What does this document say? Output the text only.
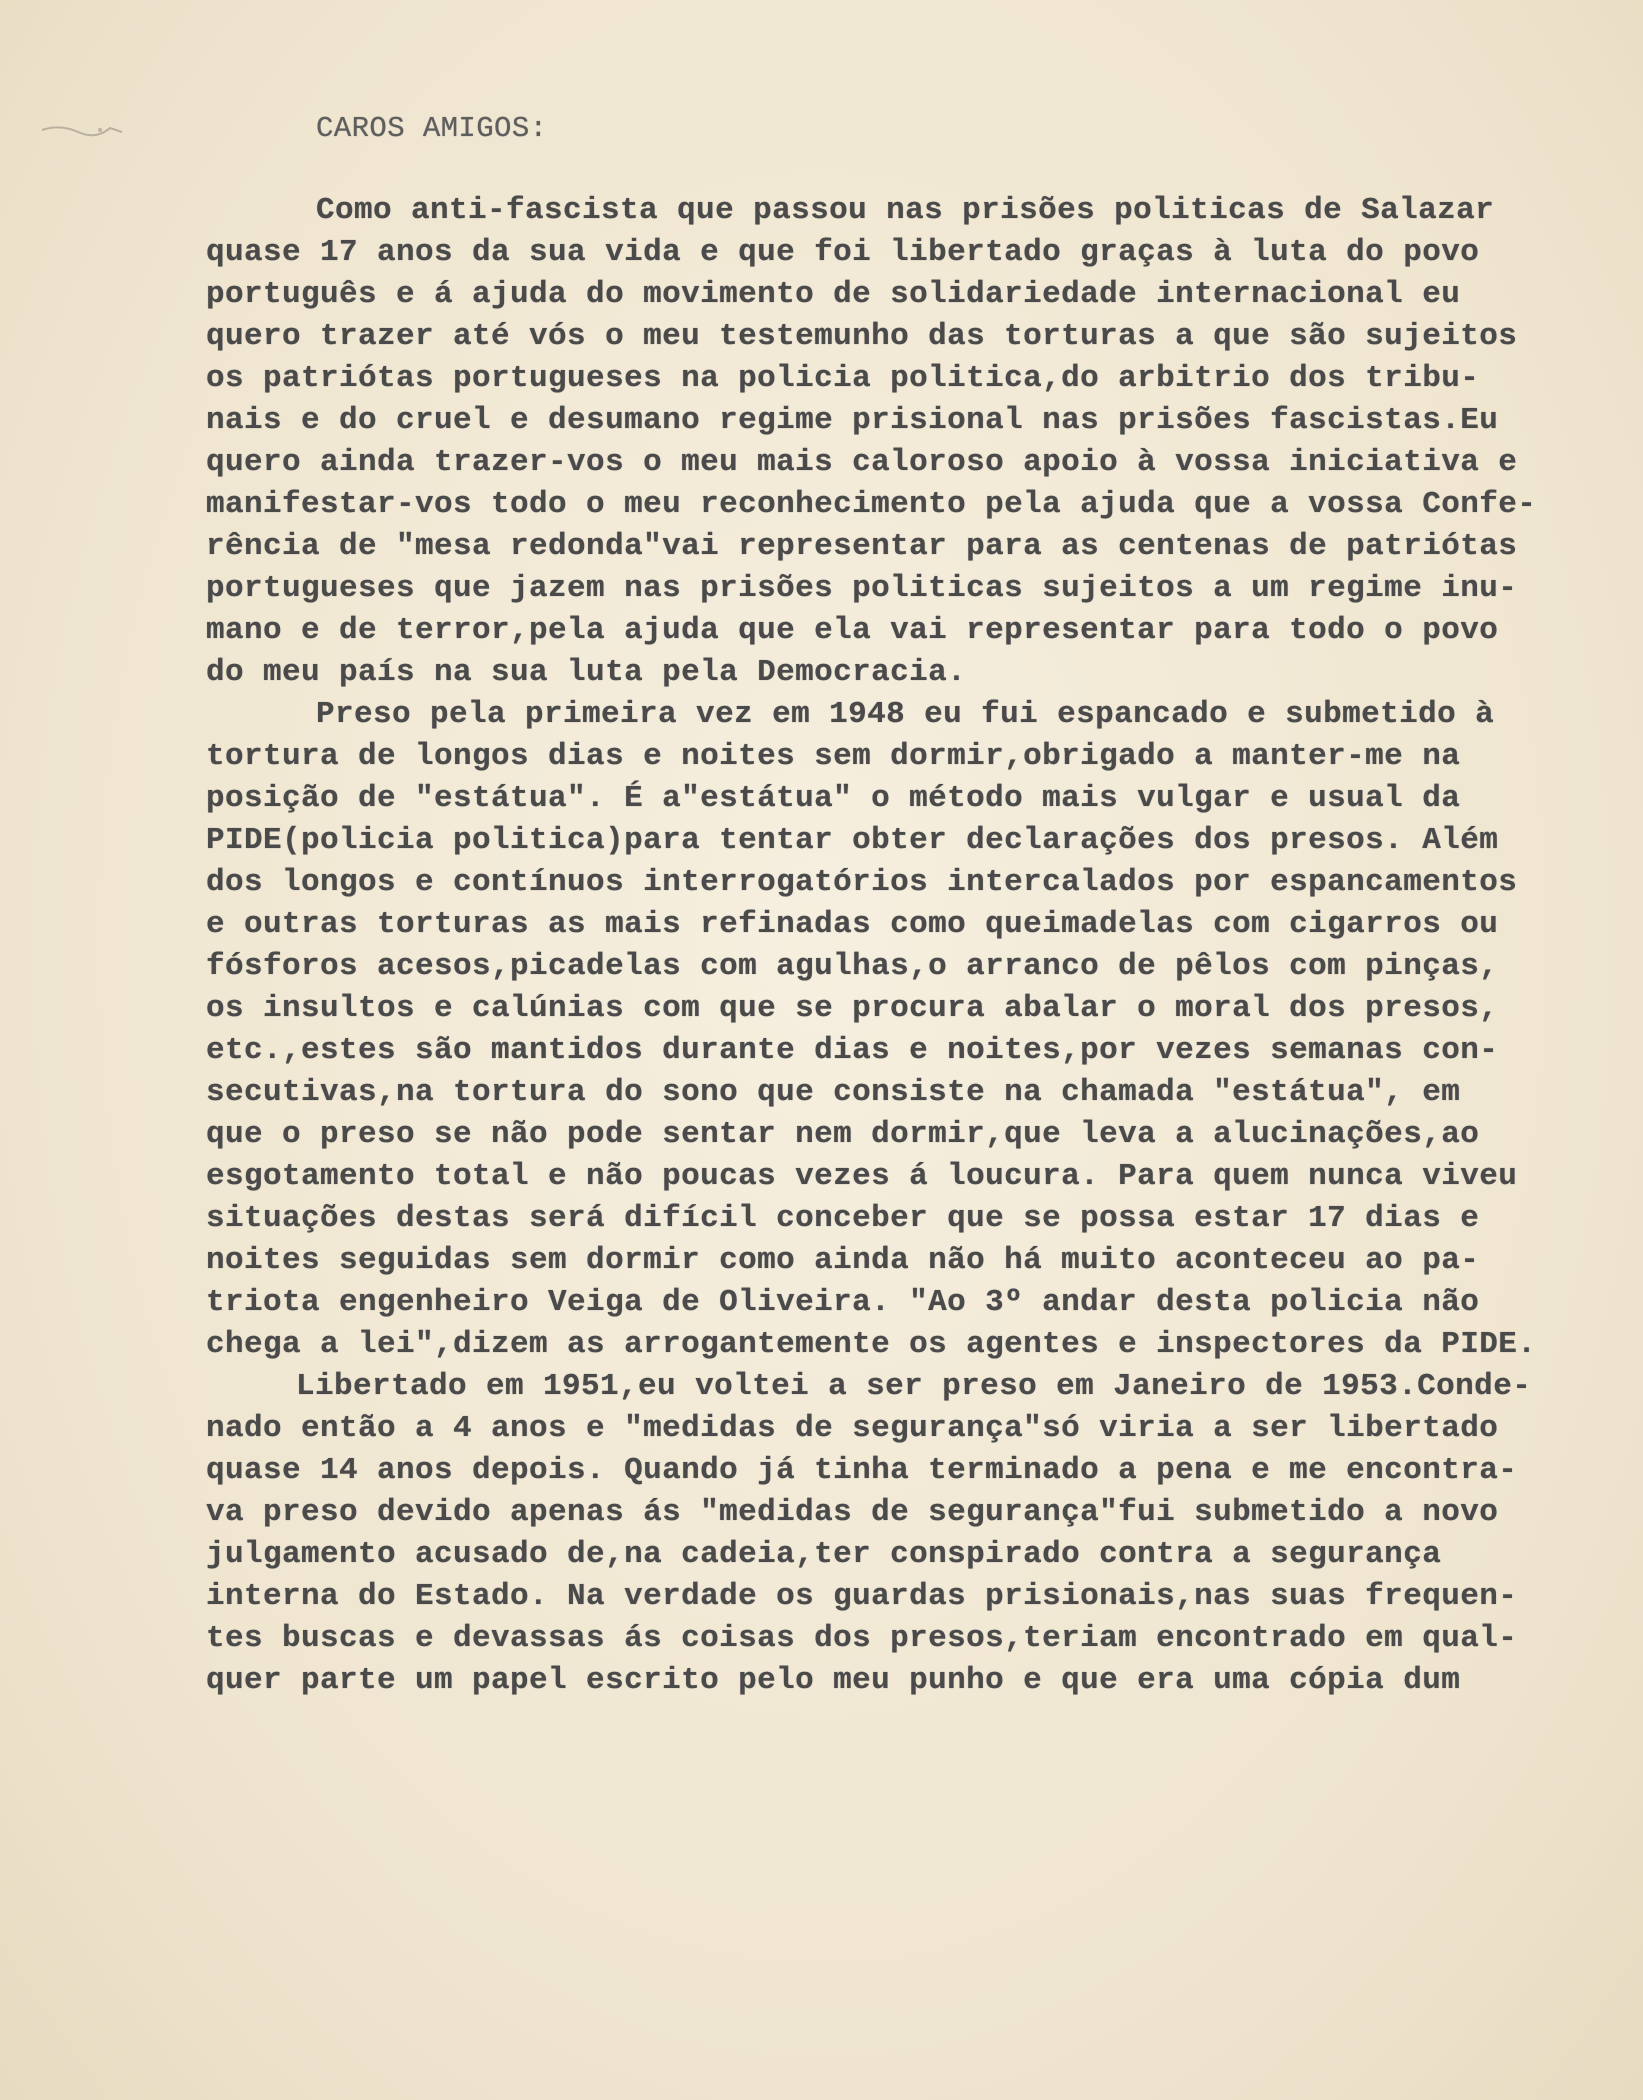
CAROS AMIGOS:
Como anti-fascista que passou nas prisões politicas de Salazar
quase 17 anos da sua vida e que foi libertado graças à luta do povo
português e á ajuda do movimento de solidariedade internacional eu
quero trazer até vós o meu testemunho das torturas a que são sujeitos
os patriótas portugueses na policia politica,do arbitrio dos tribu-
nais e do cruel e desumano regime prisional nas prisões fascistas.Eu
quero ainda trazer-vos o meu mais caloroso apoio à vossa iniciativa e
manifestar-vos todo o meu reconhecimento pela ajuda que a vossa Confe-
rência de "mesa redonda"vai representar para as centenas de patriótas
portugueses que jazem nas prisões politicas sujeitos a um regime inu-
mano e de terror,pela ajuda que ela vai representar para todo o povo
do meu país na sua luta pela Democracia.
Preso pela primeira vez em 1948 eu fui espancado e submetido à
tortura de longos dias e noites sem dormir,obrigado a manter-me na
posição de "estátua". É a"estátua" o método mais vulgar e usual da
PIDE(policia politica)para tentar obter declarações dos presos. Além
dos longos e contínuos interrogatórios intercalados por espancamentos
e outras torturas as mais refinadas como queimadelas com cigarros ou
fósforos acesos,picadelas com agulhas,o arranco de pêlos com pinças,
os insultos e calúnias com que se procura abalar o moral dos presos,
etc.,estes são mantidos durante dias e noites,por vezes semanas con-
secutivas,na tortura do sono que consiste na chamada "estátua", em
que o preso se não pode sentar nem dormir,que leva a alucinações,ao
esgotamento total e não poucas vezes á loucura. Para quem nunca viveu
situações destas será difícil conceber que se possa estar 17 dias e
noites seguidas sem dormir como ainda não há muito aconteceu ao pa-
triota engenheiro Veiga de Oliveira. "Ao 3º andar desta policia não
chega a lei",dizem as arrogantemente os agentes e inspectores da PIDE.
Libertado em 1951,eu voltei a ser preso em Janeiro de 1953.Conde-
nado então a 4 anos e "medidas de segurança"só viria a ser libertado
quase 14 anos depois. Quando já tinha terminado a pena e me encontra-
va preso devido apenas ás "medidas de segurança"fui submetido a novo
julgamento acusado de,na cadeia,ter conspirado contra a segurança
interna do Estado. Na verdade os guardas prisionais,nas suas frequen-
tes buscas e devassas ás coisas dos presos,teriam encontrado em qual-
quer parte um papel escrito pelo meu punho e que era uma cópia dum
